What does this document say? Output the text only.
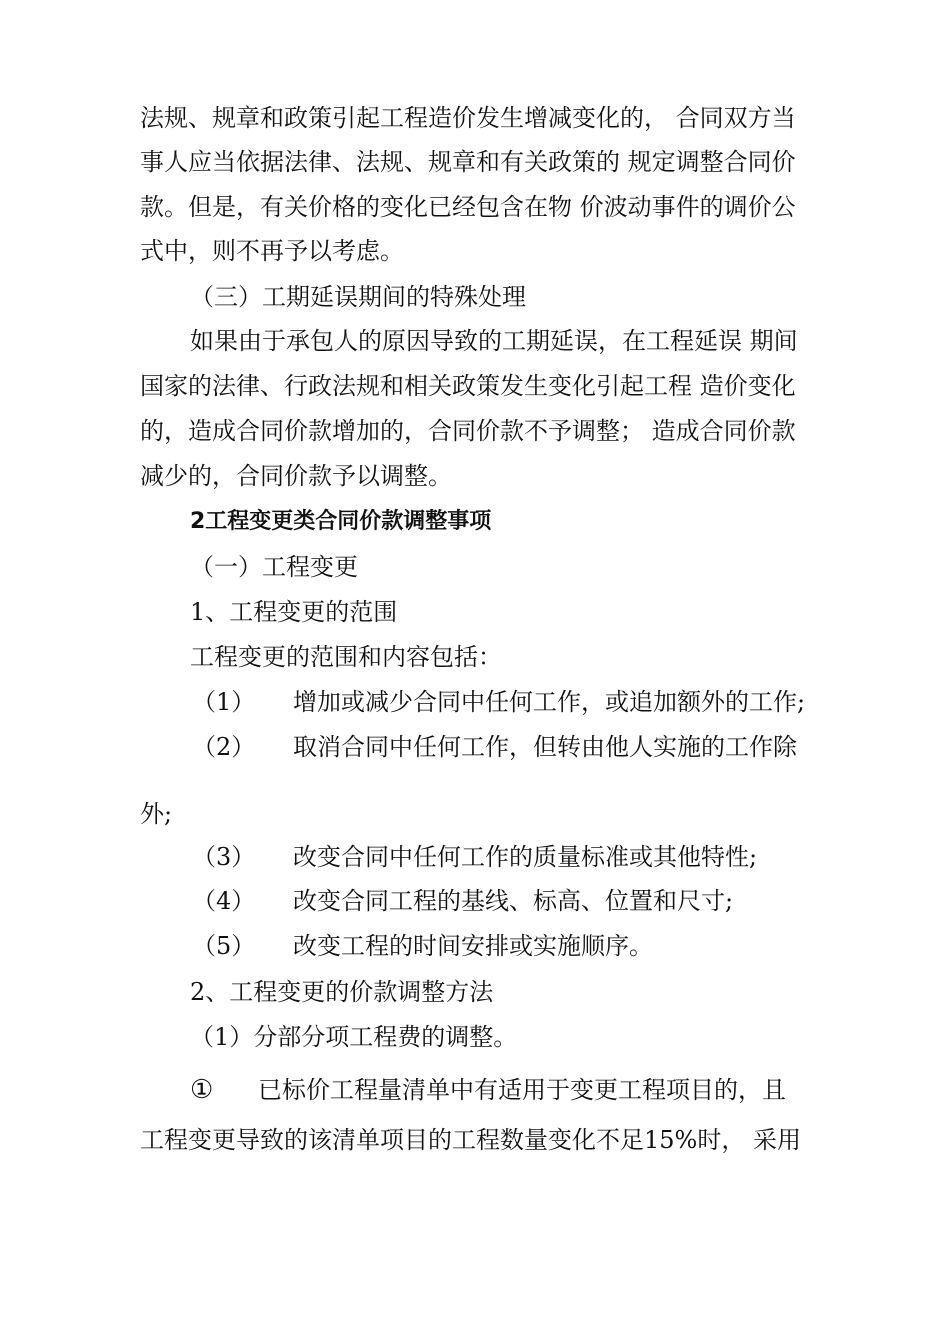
法规、规章和政策引起工程造价发生增减变化的， 合同双方当
事人应当依据法律、法规、规章和有关政策的 规定调整合同价
款。但是，有关价格的变化已经包含在物 价波动事件的调价公
式中，则不再予以考虑。
（三）工期延误期间的特殊处理
如果由于承包人的原因导致的工期延误，在工程延误 期间
国家的法律、行政法规和相关政策发生变化引起工程 造价变化
的，造成合同价款增加的，合同价款不予调整； 造成合同价款
减少的，合同价款予以调整。
2工程变更类合同价款调整事项
（一）工程变更
1、工程变更的范围
工程变更的范围和内容包括：
（1） 增加或减少合同中任何工作，或追加额外的工作;
（2） 取消合同中任何工作，但转由他人实施的工作除
外;
（3） 改变合同中任何工作的质量标准或其他特性;
（4） 改变合同工程的基线、标高、位置和尺寸;
（5） 改变工程的时间安排或实施顺序。
2、工程变更的价款调整方法
（1）分部分项工程费的调整。
① 已标价工程量清单中有适用于变更工程项目的，且
工程变更导致的该清单项目的工程数量变化不足15%时， 采用
